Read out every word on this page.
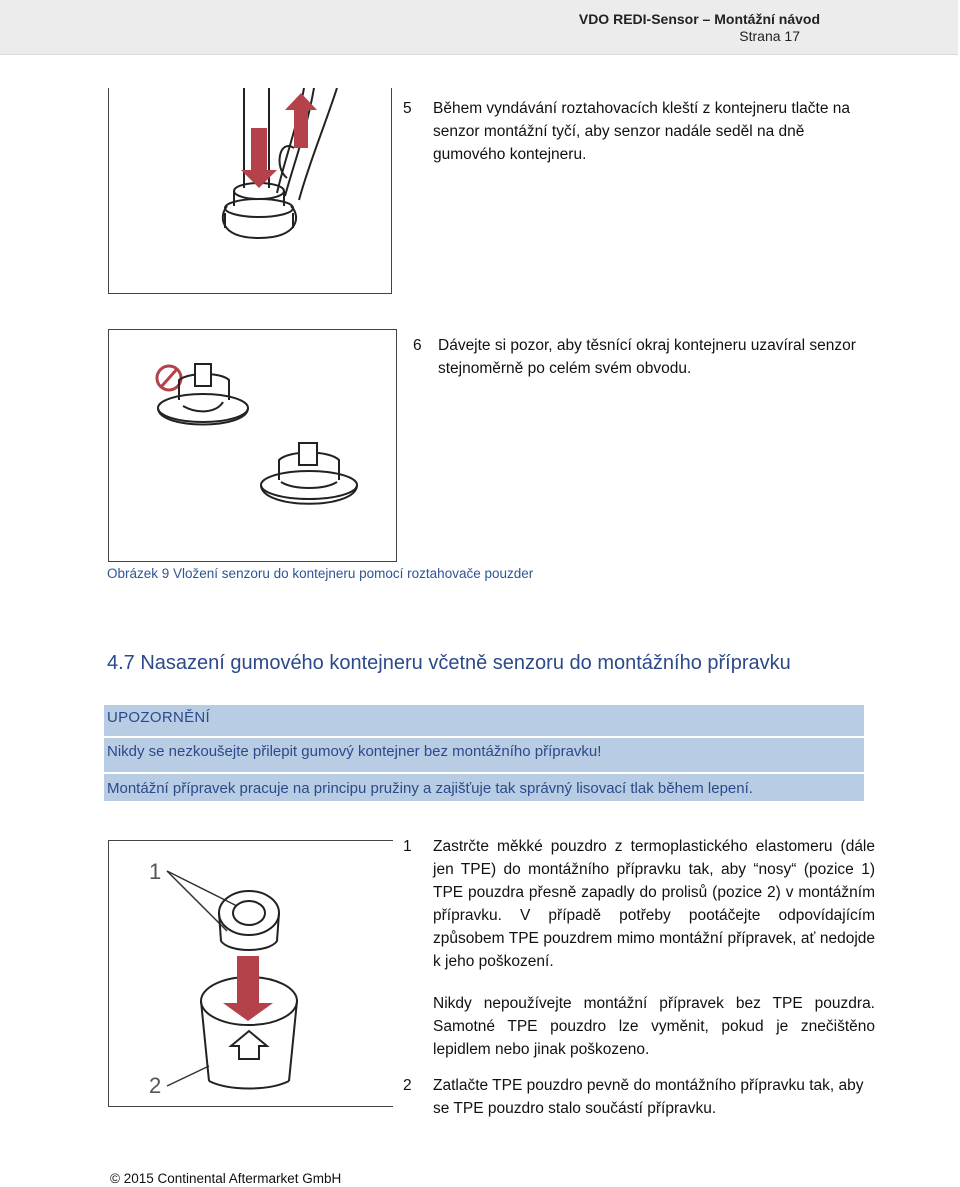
VDO REDI-Sensor – Montážní návod
Strana 17
5 Během vyndávání roztahovacích kleští z kontejneru tlačte na senzor montážní tyčí, aby senzor nadále seděl na dně gumového kontejneru.
6 Dávejte si pozor, aby těsnící okraj kontejneru uzavíral senzor stejnoměrně po celém svém obvodu.
Obrázek 9 Vložení senzoru do kontejneru pomocí roztahovače pouzder
4.7 Nasazení gumového kontejneru včetně senzoru do montážního přípravku
UPOZORNĚNÍ
Nikdy se nezkoušejte přilepit gumový kontejner bez montážního přípravku!
Montážní přípravek pracuje na principu pružiny a zajišťuje tak správný lisovací tlak během lepení.
1
2
1 Zastrčte měkké pouzdro z termoplastického elastomeru (dále jen TPE) do montážního přípravku tak, aby “nosy“ (pozice 1) TPE pouzdra přesně zapadly do prolisů (pozice 2) v montážním přípravku. V případě potřeby pootáčejte odpovídajícím způsobem TPE pouzdrem mimo montážní přípravek, ať nedojde k jeho poškození.
Nikdy nepoužívejte montážní přípravek bez TPE pouzdra. Samotné TPE pouzdro lze vyměnit, pokud je znečištěno lepidlem nebo jinak poškozeno.
2 Zatlačte TPE pouzdro pevně do montážního přípravku tak, aby se TPE pouzdro stalo součástí přípravku.
© 2015 Continental Aftermarket GmbH
